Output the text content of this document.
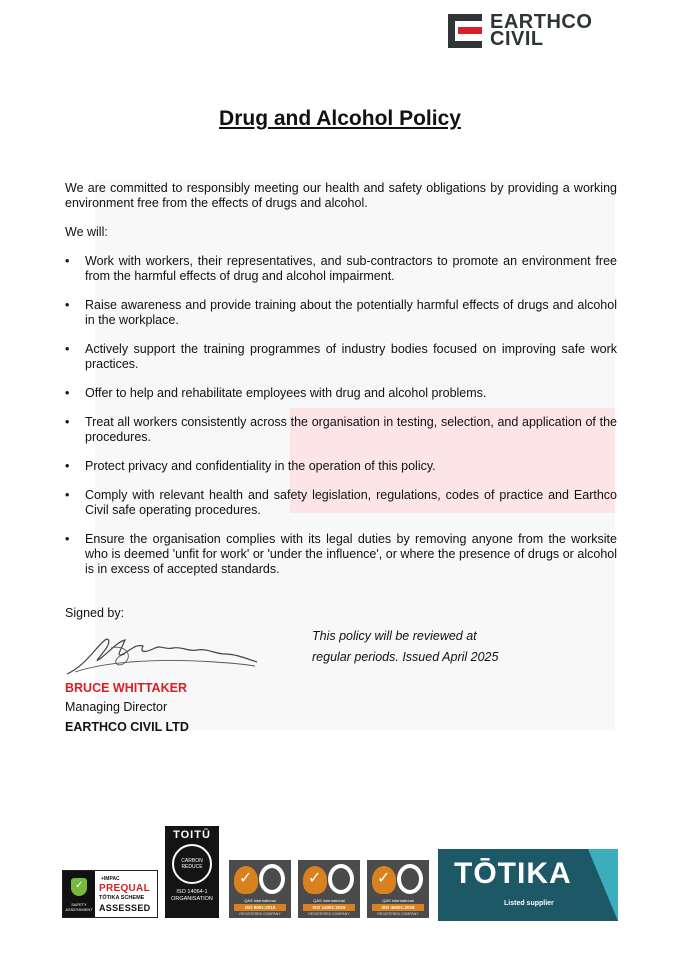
EARTHCO
CIVIL
Drug and Alcohol Policy
We are committed to responsibly meeting our health and safety obligations by providing a working environment free from the effects of drugs and alcohol.
We will:
• Work with workers, their representatives, and sub-contractors to promote an environment free from the harmful effects of drug and alcohol impairment.
• Raise awareness and provide training about the potentially harmful effects of drugs and alcohol in the workplace.
• Actively support the training programmes of industry bodies focused on improving safe work practices.
• Offer to help and rehabilitate employees with drug and alcohol problems.
• Treat all workers consistently across the organisation in testing, selection, and application of the procedures.
• Protect privacy and confidentiality in the operation of this policy.
• Comply with relevant health and safety legislation, regulations, codes of practice and Earthco Civil safe operating procedures.
• Ensure the organisation complies with its legal duties by removing anyone from the worksite who is deemed 'unfit for work' or 'under the influence', or where the presence of drugs or alcohol is in excess of accepted standards.
Signed by:
This policy will be reviewed at
regular periods. Issued April 2025
BRUCE WHITTAKER
Managing Director
EARTHCO CIVIL LTD
✓
SAFETY ASSESSMENT
+IMPAC
PREQUAL
TŌTIKA SCHEME
ASSESSED
TOITŪ
CARBON REDUCE
ISO 14064-1
ORGANISATION
✓	QAS International
ISO 9001:2015
REGISTERED COMPANY
✓
QAS International
ISO 14001:2015
REGISTERED COMPANY
✓
QAS International
ISO 45001:2018
REGISTERED COMPANY
TŌTIKA
Listed supplier
